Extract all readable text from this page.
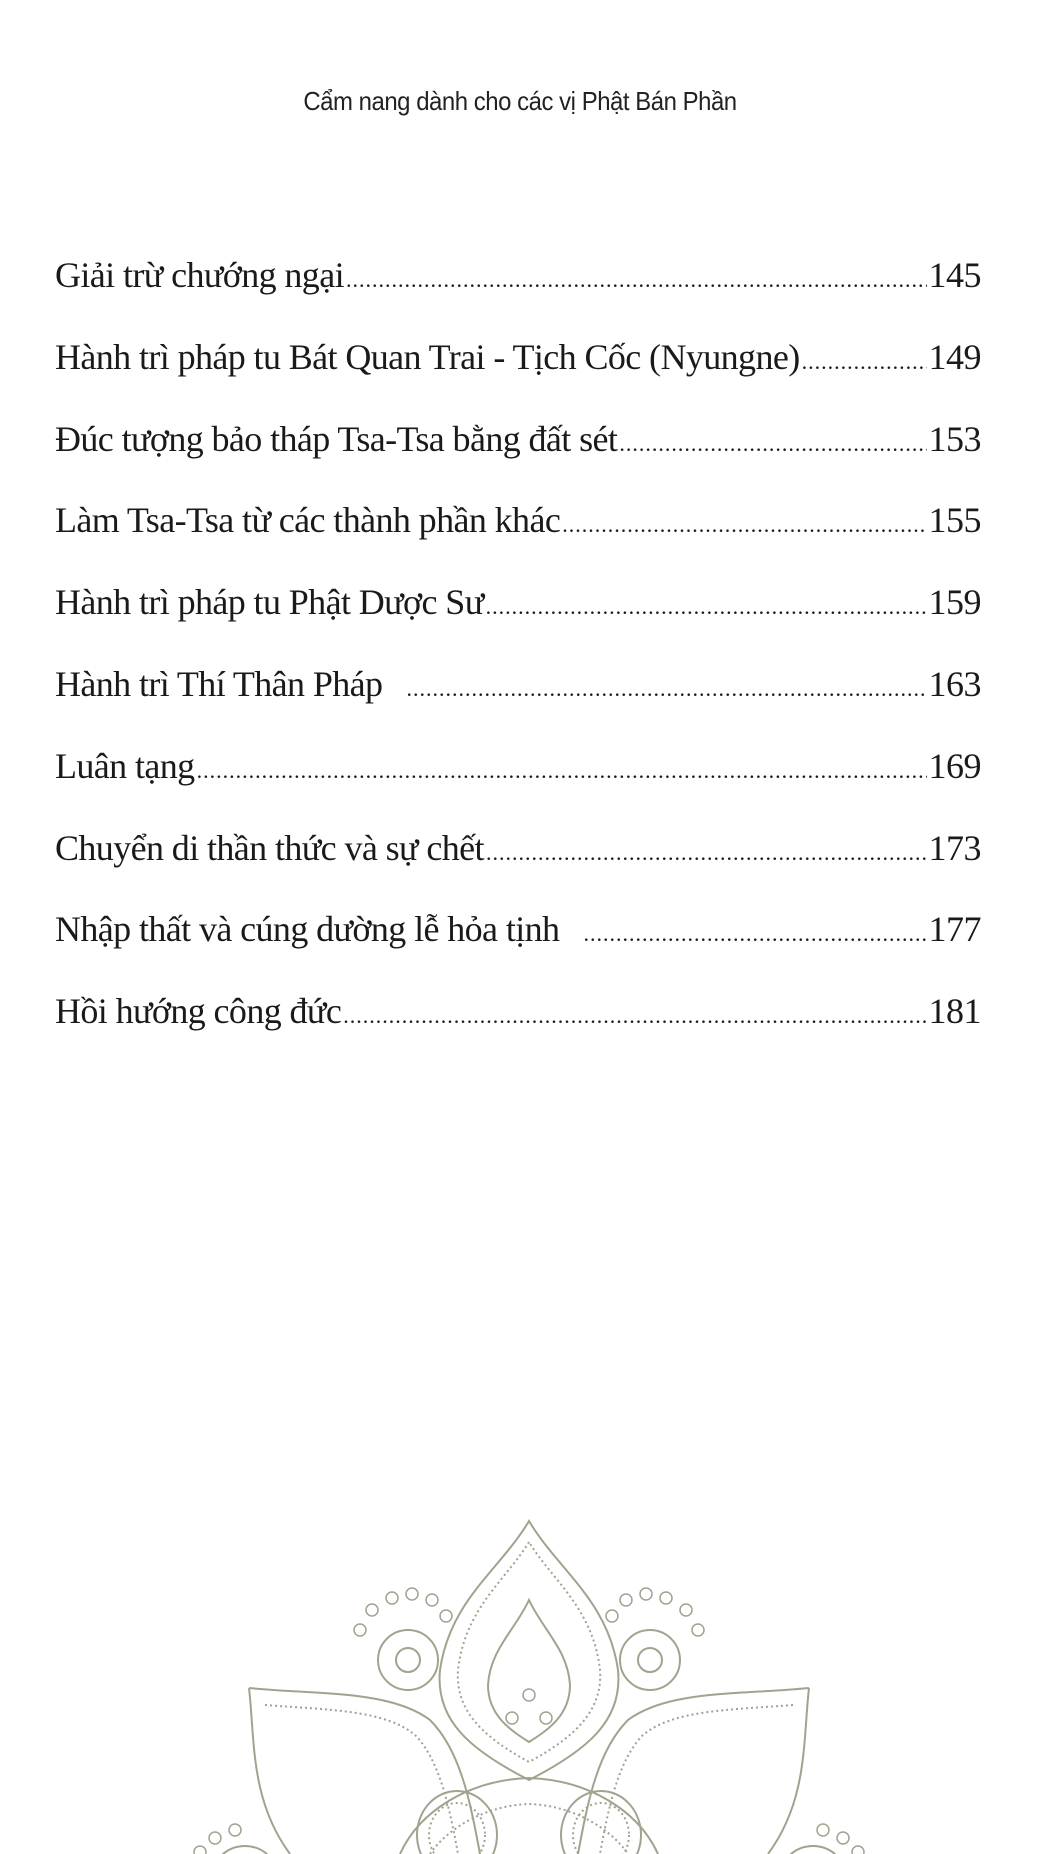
Cẩm nang dành cho các vị Phật Bán Phần
Giải trừ chướng ngại .....	145
Hành trì pháp tu Bát Quan Trai - Tịch Cốc (Nyungne) .....	149
Đúc tượng bảo tháp Tsa-Tsa bằng đất sét .....	153
Làm Tsa-Tsa từ các thành phần khác .....	155
Hành trì pháp tu Phật Dược Sư .....	159
Hành trì Thí Thân Pháp .....	163
Luân tạng .....	169
Chuyển di thần thức và sự chết .....	173
Nhập thất và cúng dường lễ hỏa tịnh .....	177
Hồi hướng công đức .....	181
